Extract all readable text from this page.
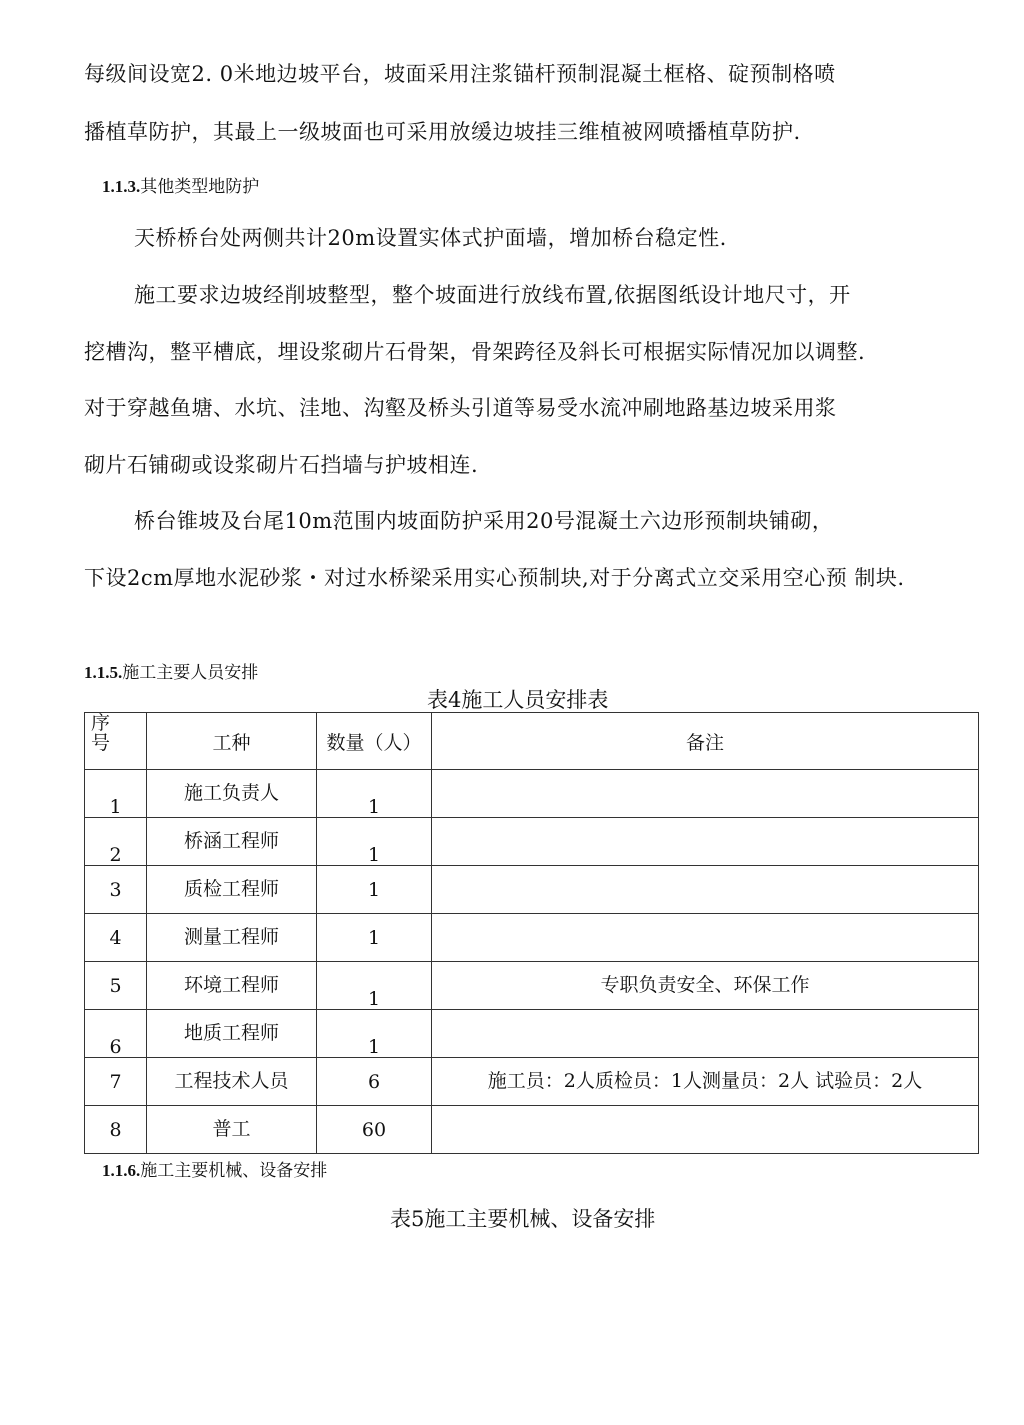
每级间设宽2. 0米地边坡平台，坡面采用注浆锚杆预制混凝土框格、碇预制格喷
播植草防护，其最上一级坡面也可采用放缓边坡挂三维植被网喷播植草防护.
1.1.3.其他类型地防护
天桥桥台处两侧共计20m设置实体式护面墙，增加桥台稳定性.
施工要求边坡经削坡整型，整个坡面进行放线布置,依据图纸设计地尺寸，开
挖槽沟，整平槽底，埋设浆砌片石骨架，骨架跨径及斜长可根据实际情况加以调整.
对于穿越鱼塘、水坑、洼地、沟壑及桥头引道等易受水流冲刷地路基边坡采用浆
砌片石铺砌或设浆砌片石挡墙与护坡相连.
桥台锥坡及台尾10m范围内坡面防护采用20号混凝土六边形预制块铺砌，
下设2cm厚地水泥砂浆・对过水桥梁采用实心预制块,对于分离式立交采用空心预 制块.
1.1.5.施工主要人员安排
表4施工人员安排表
序
号	工种	数量（人）	备注

1	施工负责人	1	

2	桥涵工程师	1	

3	质检工程师	1	

4	测量工程师	1	

5	环境工程师	1	专职负责安全、环保工作

6	地质工程师	1	

7	工程技术人员	6	施工员：2人质检员：1人测量员：2人 试验员：2人

8	普工	60	

1.1.6.施工主要机械、设备安排
表5施工主要机械、设备安排
